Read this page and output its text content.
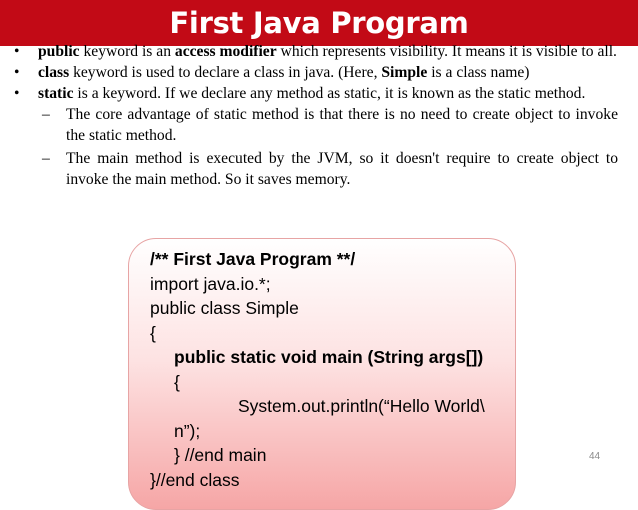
First Java Program
• public keyword is an access modifier which represents visibility. It means it is visible to all.
• class keyword is used to declare a class in java. (Here, Simple is a class name)
• static is a keyword. If we declare any method as static, it is known as the static method.
– The core advantage of static method is that there is no need to create object to invoke the static method.
– The main method is executed by the JVM, so it doesn't require to create object to invoke the main method. So it saves memory.
/** First Java Program **/
import java.io.*;
public class Simple
{
public static void main (String args[])
{
System.out.println(“Hello World\
n”);
} //end main
}//end class
44
